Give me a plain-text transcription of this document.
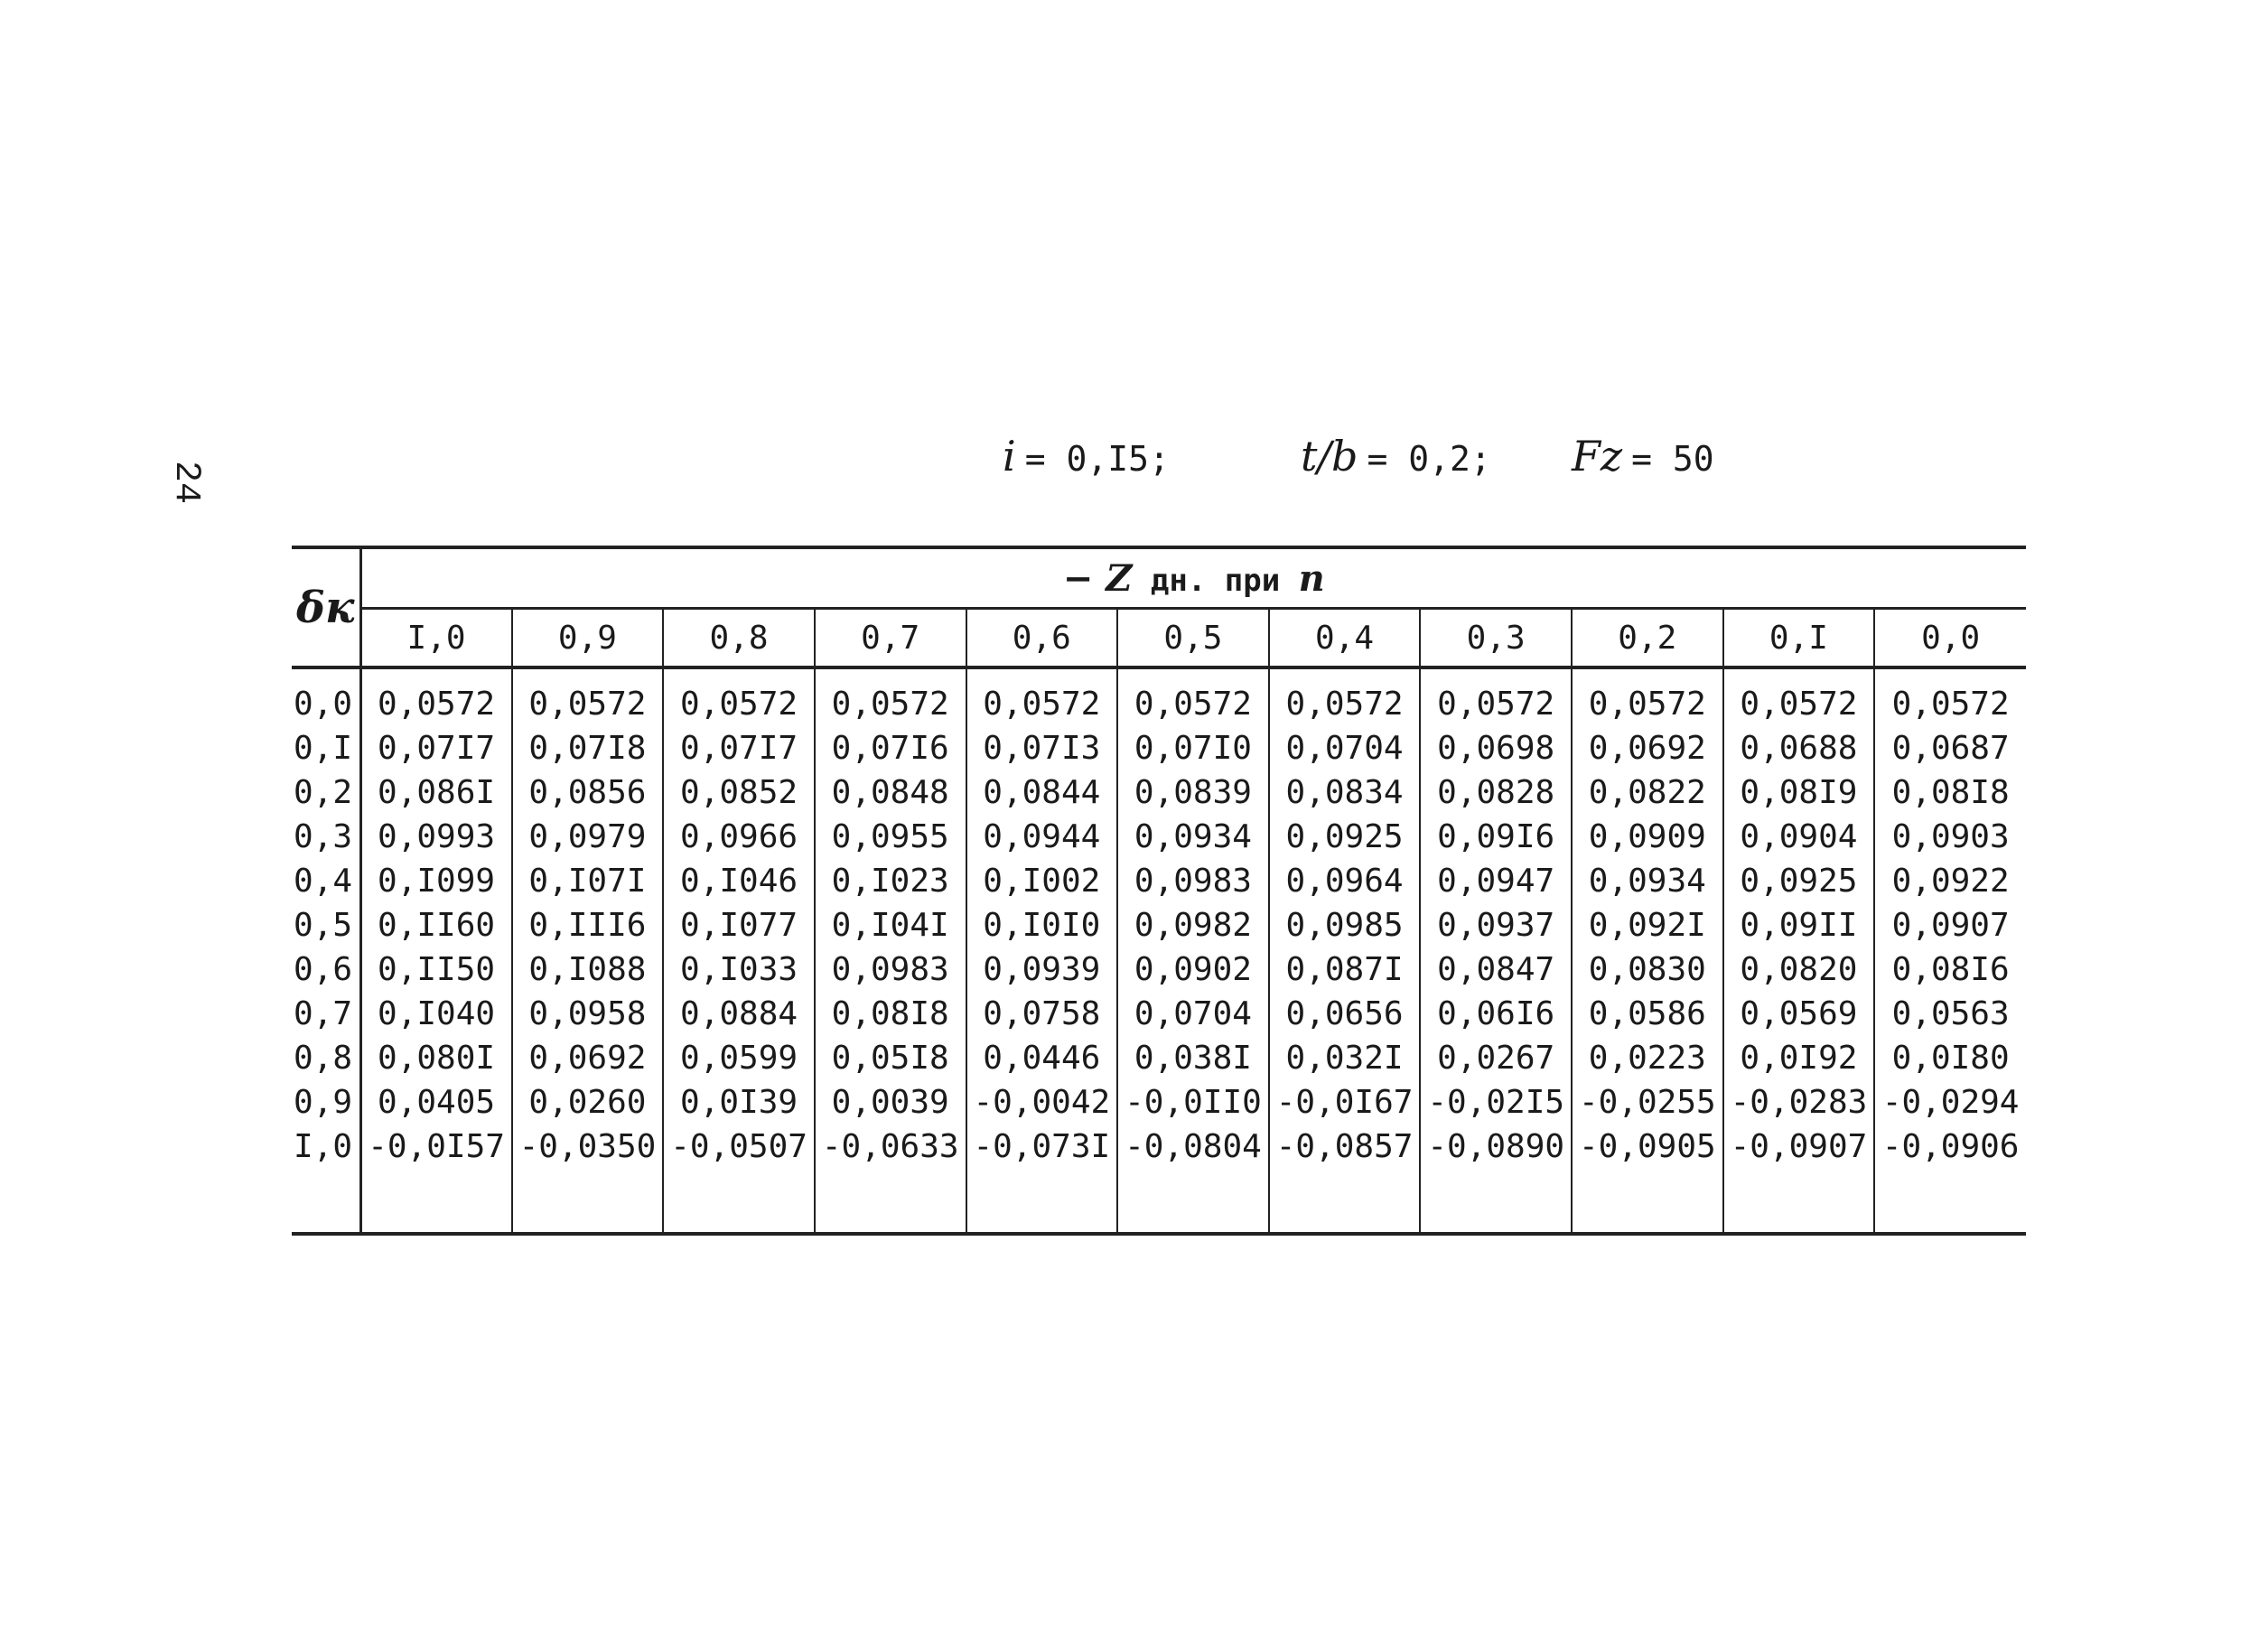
24
i = 0,I5;	t/b = 0,2; Fz = 50
δк	− Z дн. при n										
	I,0	0,9	0,8	0,7	0,6	0,5	0,4	0,3	0,2	0,I	0,0
0,0	0,0572	0,0572	0,0572	0,0572	0,0572	0,0572	0,0572	0,0572	0,0572	0,0572	0,0572
0,I	0,07I7	0,07I8	0,07I7	0,07I6	0,07I3	0,07I0	0,0704	0,0698	0,0692	0,0688	0,0687
0,2	0,086I	0,0856	0,0852	0,0848	0,0844	0,0839	0,0834	0,0828	0,0822	0,08I9	0,08I8
0,3	0,0993	0,0979	0,0966	0,0955	0,0944	0,0934	0,0925	0,09I6	0,0909	0,0904	0,0903
0,4	0,I099	0,I07I	0,I046	0,I023	0,I002	0,0983	0,0964	0,0947	0,0934	0,0925	0,0922
0,5	0,II60	0,III6	0,I077	0,I04I	0,I0I0	0,0982	0,0985	0,0937	0,092I	0,09II	0,0907
0,6	0,II50	0,I088	0,I033	0,0983	0,0939	0,0902	0,087I	0,0847	0,0830	0,0820	0,08I6
0,7	0,I040	0,0958	0,0884	0,08I8	0,0758	0,0704	0,0656	0,06I6	0,0586	0,0569	0,0563
0,8	0,080I	0,0692	0,0599	0,05I8	0,0446	0,038I	0,032I	0,0267	0,0223	0,0I92	0,0I80
0,9	0,0405	0,0260	0,0I39	0,0039	-0,0042	-0,0II0	-0,0I67	-0,02I5	-0,0255	-0,0283	-0,0294
I,0	-0,0I57	-0,0350	-0,0507	-0,0633	-0,073I	-0,0804	-0,0857	-0,0890	-0,0905	-0,0907	-0,0906
